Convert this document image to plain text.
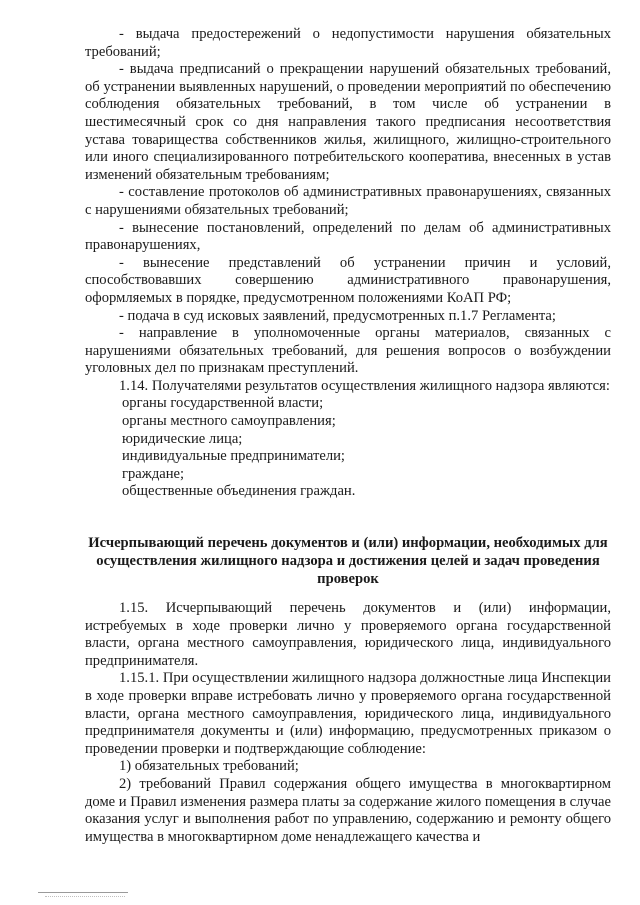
- выдача предостережений о недопустимости нарушения обязательных требований;

- выдача предписаний о прекращении нарушений обязательных требований, об устранении выявленных нарушений, о проведении мероприятий по обеспечению соблюдения обязательных требований, в том числе об устранении в шестимесячный срок со дня направления такого предписания несоответствия устава товарищества собственников жилья, жилищного, жилищно-строительного или иного специализированного потребительского кооператива, внесенных в устав изменений обязательным требованиям;

- составление протоколов об административных правонарушениях, связанных с нарушениями обязательных требований;

- вынесение постановлений, определений по делам об административных правонарушениях,

- вынесение представлений об устранении причин и условий, способствовавших совершению административного правонарушения, оформляемых в порядке, предусмотренном положениями КоАП РФ;

- подача в суд исковых заявлений, предусмотренных п.1.7 Регламента;

- направление в уполномоченные органы материалов, связанных с нарушениями обязательных требований, для решения вопросов о возбуждении уголовных дел по признакам преступлений.

1.14. Получателями результатов осуществления жилищного надзора являются:

органы государственной власти;

органы местного самоуправления;

юридические лица;

индивидуальные предприниматели;

граждане;

общественные объединения граждан.

Исчерпывающий перечень документов и (или) информации, необходимых для осуществления жилищного надзора и достижения целей и задач проведения проверок

1.15. Исчерпывающий перечень документов и (или) информации, истребуемых в ходе проверки лично у проверяемого органа государственной власти, органа местного самоуправления, юридического лица, индивидуального предпринимателя.

1.15.1. При осуществлении жилищного надзора должностные лица Инспекции в ходе проверки вправе истребовать лично у проверяемого органа государственной власти, органа местного самоуправления, юридического лица, индивидуального предпринимателя документы и (или) информацию, предусмотренных приказом о проведении проверки и подтверждающие соблюдение:

1) обязательных требований;

2) требований Правил содержания общего имущества в многоквартирном доме и Правил изменения размера платы за содержание жилого помещения в случае оказания услуг и выполнения работ по управлению, содержанию и ремонту общего имущества в многоквартирном доме ненадлежащего качества и
